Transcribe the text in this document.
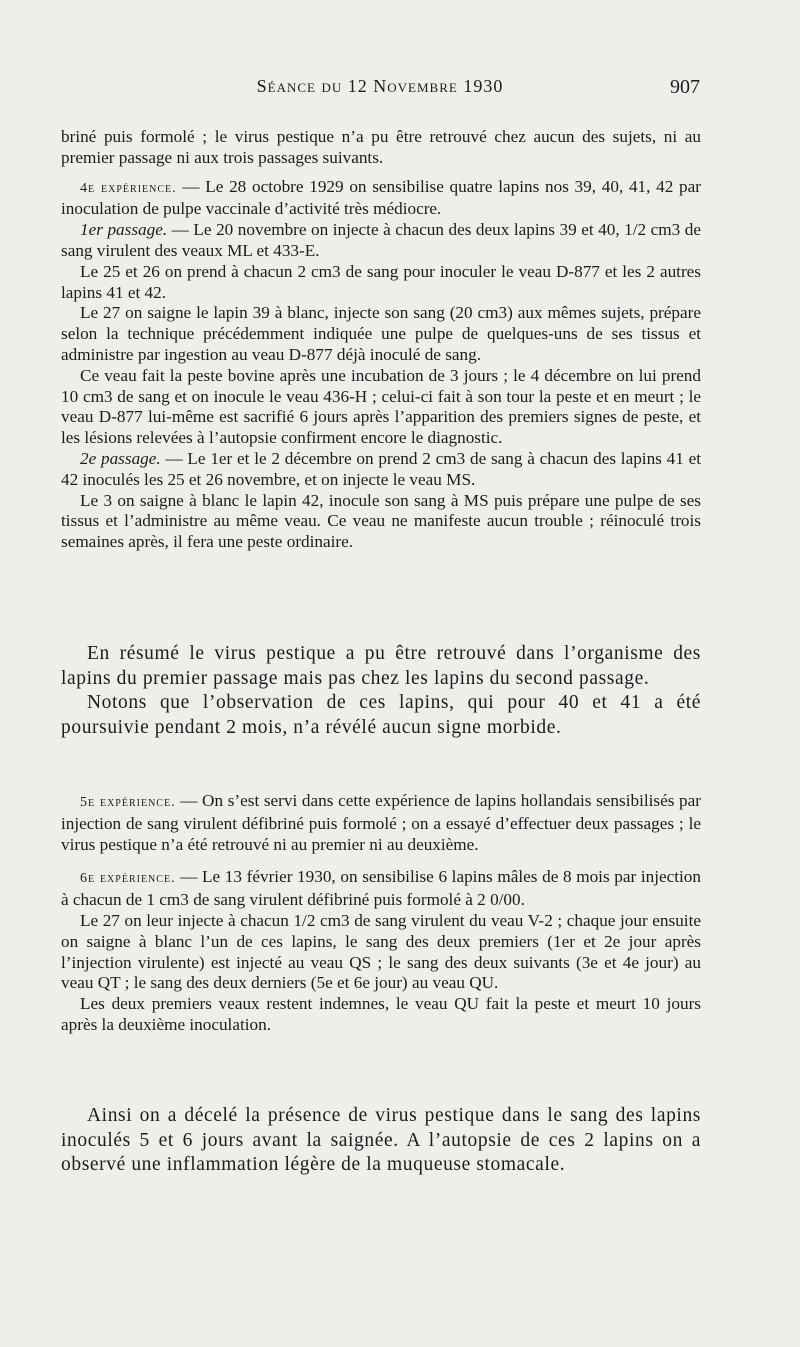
Séance du 12 Novembre 1930	907

briné puis formolé ; le virus pestique n’a pu être retrouvé chez aucun des sujets, ni au premier passage ni aux trois passages suivants.

4e expérience. — Le 28 octobre 1929 on sensibilise quatre lapins nos 39, 40, 41, 42 par inoculation de pulpe vaccinale d’activité très médiocre.

1er passage. — Le 20 novembre on injecte à chacun des deux lapins 39 et 40, 1/2 cm3 de sang virulent des veaux ML et 433-E.

Le 25 et 26 on prend à chacun 2 cm3 de sang pour inoculer le veau D-877 et les 2 autres lapins 41 et 42.

Le 27 on saigne le lapin 39 à blanc, injecte son sang (20 cm3) aux mêmes sujets, prépare selon la technique précédemment indiquée une pulpe de quelques-uns de ses tissus et administre par ingestion au veau D-877 déjà inoculé de sang.

Ce veau fait la peste bovine après une incubation de 3 jours ; le 4 décembre on lui prend 10 cm3 de sang et on inocule le veau 436-H ; celui-ci fait à son tour la peste et en meurt ; le veau D-877 lui-même est sacrifié 6 jours après l’apparition des premiers signes de peste, et les lésions relevées à l’autopsie confirment encore le diagnostic.

2e passage. — Le 1er et le 2 décembre on prend 2 cm3 de sang à chacun des lapins 41 et 42 inoculés les 25 et 26 novembre, et on injecte le veau MS.

Le 3 on saigne à blanc le lapin 42, inocule son sang à MS puis prépare une pulpe de ses tissus et l’administre au même veau. Ce veau ne manifeste aucun trouble ; réinoculé trois semaines après, il fera une peste ordinaire.

En résumé le virus pestique a pu être retrouvé dans l’organisme des lapins du premier passage mais pas chez les lapins du second passage.

Notons que l’observation de ces lapins, qui pour 40 et 41 a été poursuivie pendant 2 mois, n’a révélé aucun signe morbide.

5e expérience. — On s’est servi dans cette expérience de lapins hollandais sensibilisés par injection de sang virulent défibriné puis formolé ; on a essayé d’effectuer deux passages ; le virus pestique n’a été retrouvé ni au premier ni au deuxième.

6e expérience. — Le 13 février 1930, on sensibilise 6 lapins mâles de 8 mois par injection à chacun de 1 cm3 de sang virulent défibriné puis formolé à 2 0/00.

Le 27 on leur injecte à chacun 1/2 cm3 de sang virulent du veau V-2 ; chaque jour ensuite on saigne à blanc l’un de ces lapins, le sang des deux premiers (1er et 2e jour après l’injection virulente) est injecté au veau QS ; le sang des deux suivants (3e et 4e jour) au veau QT ; le sang des deux derniers (5e et 6e jour) au veau QU.

Les deux premiers veaux restent indemnes, le veau QU fait la peste et meurt 10 jours après la deuxième inoculation.

Ainsi on a décelé la présence de virus pestique dans le sang des lapins inoculés 5 et 6 jours avant la saignée. A l’autopsie de ces 2 lapins on a observé une inflammation légère de la muqueuse stomacale.
